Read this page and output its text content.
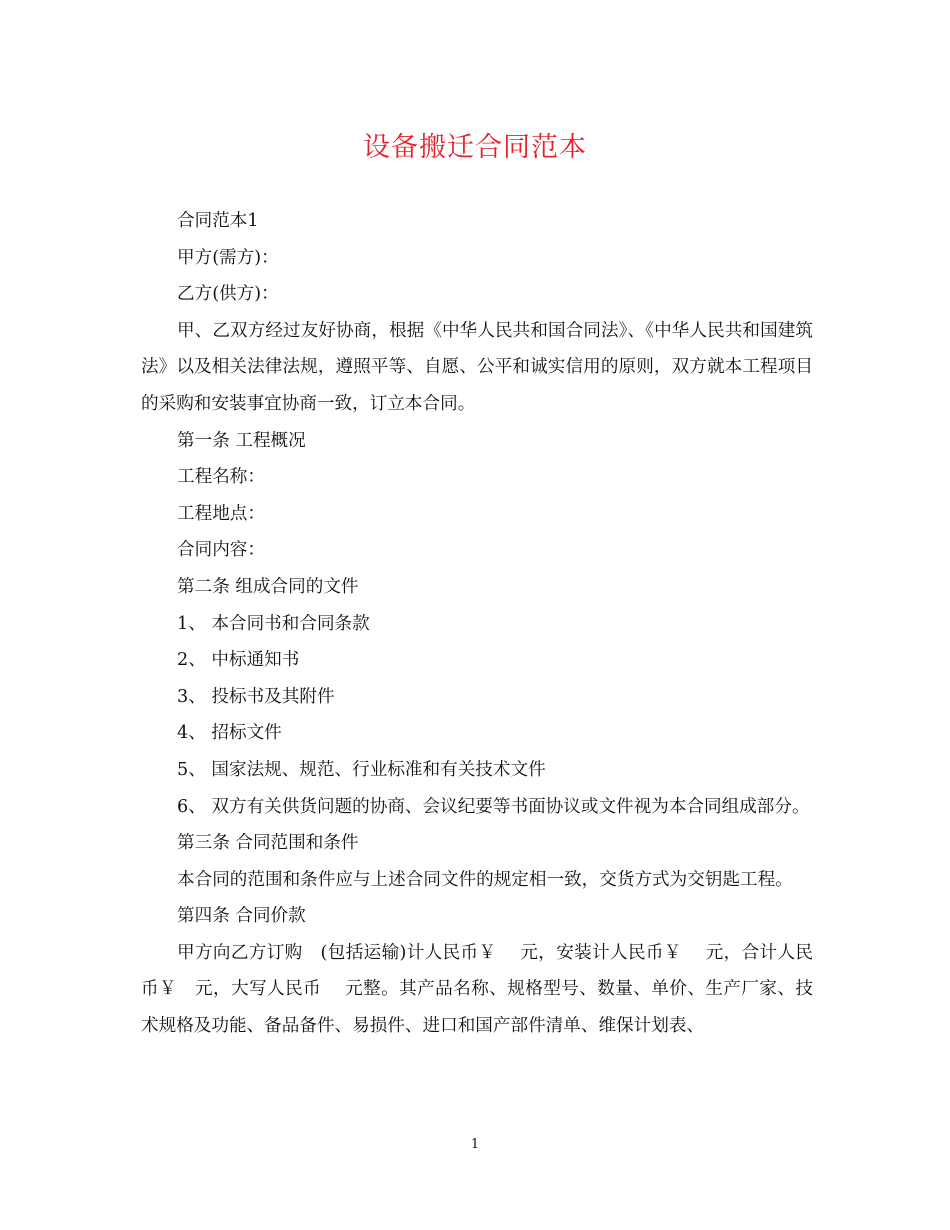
设备搬迁合同范本

合同范本1

甲方(需方)：

乙方(供方)：

甲、乙双方经过友好协商，根据《中华人民共和国合同法》、《中华人民共和国建筑法》以及相关法律法规，遵照平等、自愿、公平和诚实信用的原则，双方就本工程项目的采购和安装事宜协商一致，订立本合同。

第一条 工程概况

工程名称：

工程地点：

合同内容：

第二条 组成合同的文件

1、 本合同书和合同条款

2、 中标通知书

3、 投标书及其附件

4、 招标文件

5、 国家法规、规范、行业标准和有关技术文件

6、 双方有关供货问题的协商、会议纪要等书面协议或文件视为本合同组成部分。

第三条 合同范围和条件

本合同的范围和条件应与上述合同文件的规定相一致，交货方式为交钥匙工程。

第四条 合同价款

甲方向乙方订购　(包括运输)计人民币￥　 元，安装计人民币￥　 元，合计人民币￥　元，大写人民币　 元整。其产品名称、规格型号、数量、单价、生产厂家、技术规格及功能、备品备件、易损件、进口和国产部件清单、维保计划表、

1
